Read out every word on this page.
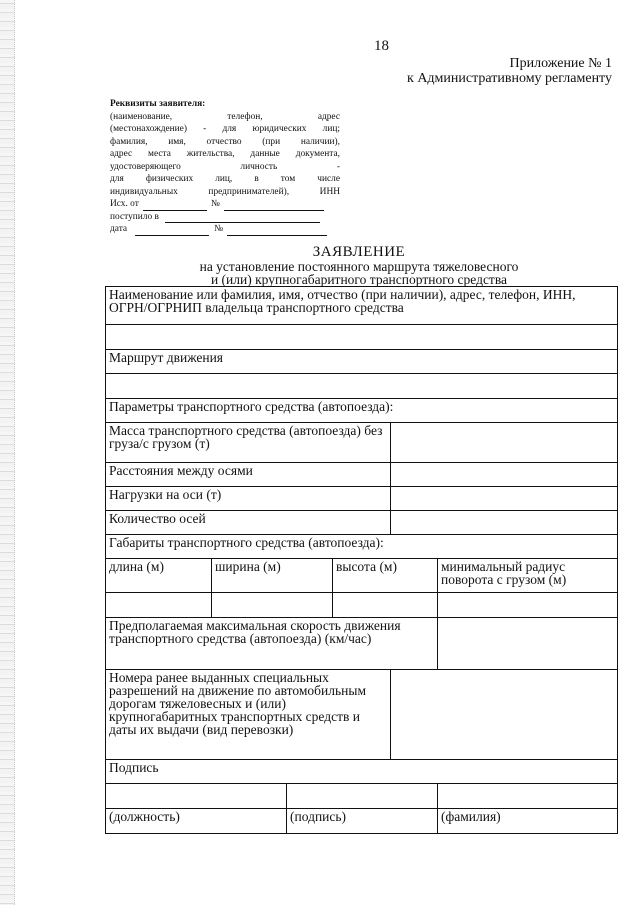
18
Приложение № 1
к Административному регламенту
Реквизиты заявителя:
(наименование, телефон, адрес
(местонахождение) - для юридических лиц;
фамилия, имя, отчество (при наличии),
адрес места жительства, данные документа,
удостоверяющего личность -
для физических лиц, в том числе
индивидуальных предпринимателей), ИНН
Исх. от	№
поступило в
дата	№
ЗАЯВЛЕНИЕ
на установление постоянного маршрута тяжеловесного
и (или) крупногабаритного транспортного средства
Наименование или фамилия, имя, отчество (при наличии), адрес, телефон, ИНН, ОГРН/ОГРНИП владельца транспортного средства					

Маршрут движения					

Параметры транспортного средства (автопоезда):					
Масса транспортного средства (автопоезда) без груза/с грузом (т)					
Расстояния между осями					
Нагрузки на оси (т)					
Количество осей					
Габариты транспортного средства (автопоезда):					
длина (м)	ширина (м)		высота (м)		минимальный радиус поворота с грузом (м)

Предполагаемая максимальная скорость движения транспортного средства (автопоезда) (км/час)					
Номера ранее выданных специальных разрешений на движение по автомобильным дорогам тяжеловесных и (или) крупногабаритных транспортных средств и даты их выдачи (вид перевозки)					
Подпись					

(должность)		(подпись)			(фамилия)
